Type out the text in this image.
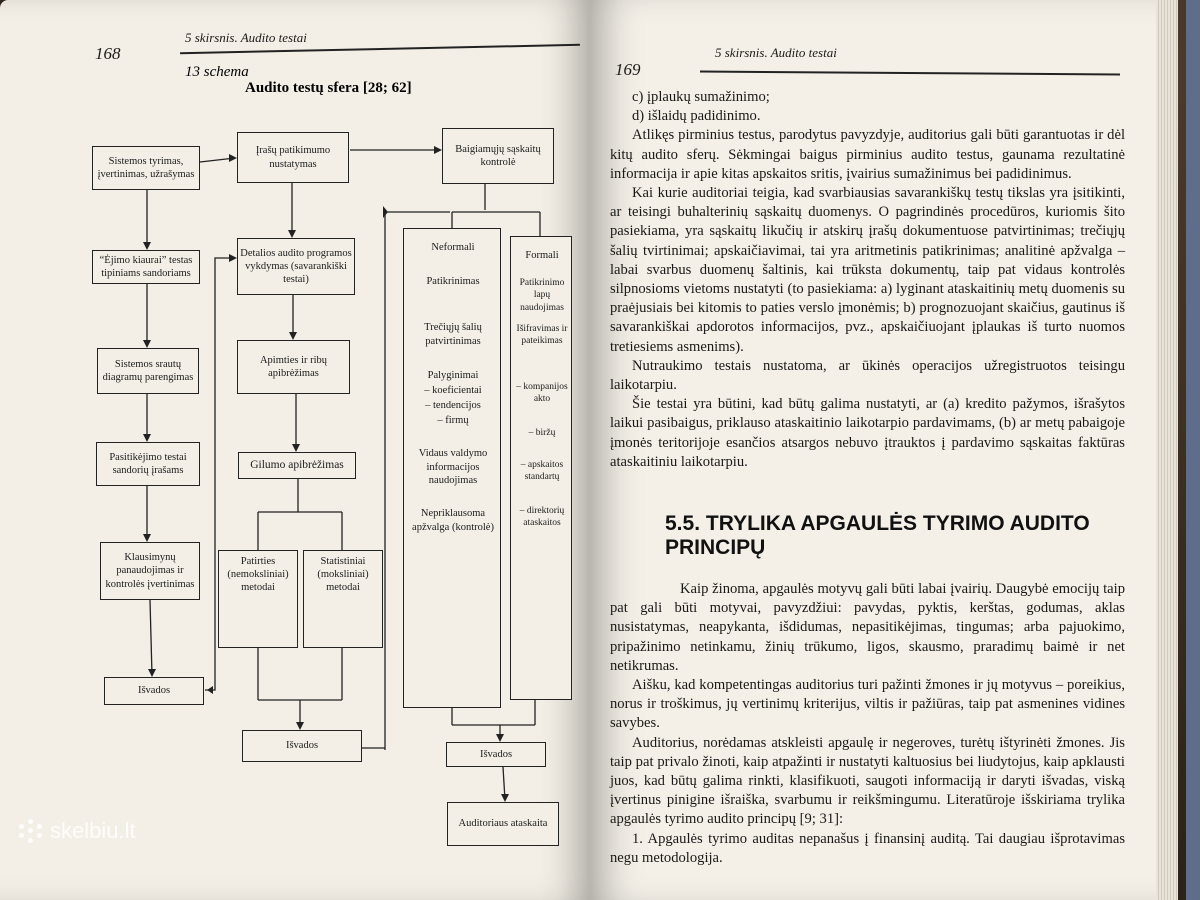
168
5 skirsnis. Audito testai
13 schema
Audito testų sfera [28; 62]
Sistemos tyrimas, įvertinimas, užrašymas
“Ėjimo kiaurai” testas tipiniams sandoriams
Sistemos srautų diagramų parengimas
Pasitikėjimo testai sandorių įrašams
Klausimynų panaudojimas ir kontrolės įvertinimas
Išvados
Įrašų patikimumo nustatymas
Detalios audito programos vykdymas (savarankiški testai)
Apimties ir ribų apibrėžimas
Gilumo apibrėžimas
Patirties (nemoksliniai) metodai
Statistiniai (moksliniai) metodai
Išvados
Baigiamųjų sąskaitų kontrolė
Neformali
Patikrinimas
Trečiųjų šalių patvirtinimas
Palyginimai
– koeficientai
– tendencijos
– firmų
Vidaus valdymo informacijos naudojimas
Nepriklausoma apžvalga (kontrolė)
Formali
Patikrinimo lapų naudojimas
Išifravimas ir pateikimas
– kompanijos akto
– biržų
– apskaitos standartų
– direktorių ataskaitos
Išvados
Auditoriaus ataskaita
169
5 skirsnis. Audito testai

c) įplaukų sumažinimo;

d) išlaidų padidinimo.

Atlikęs pirminius testus, parodytus pavyzdyje, auditorius gali būti garantuotas ir dėl kitų audito sferų. Sėkmingai baigus pirminius audito testus, gaunama rezultatinė informacija ir apie kitas apskaitos sritis, įvairius sumažinimus bei padidinimus.

Kai kurie auditoriai teigia, kad svarbiausias savarankiškų testų tikslas yra įsitikinti, ar teisingi buhalterinių sąskaitų duomenys. O pagrindinės procedūros, kuriomis šito pasiekiama, yra sąskaitų likučių ir atskirų įrašų dokumentuose patvirtinimas; trečiųjų šalių tvirtinimai; apskaičiavimai, tai yra aritmetinis patikrinimas; analitinė apžvalga – labai svarbus duomenų šaltinis, kai trūksta dokumentų, taip pat vidaus kontrolės silpnosioms vietoms nustatyti (to pasiekiama: a) lyginant ataskaitinių metų duomenis su praėjusiais bei kitomis to paties verslo įmonėmis; b) prognozuojant skaičius, gautinus iš savarankiškai apdorotos informacijos, pvz., apskaičiuojant įplaukas iš turto nuomos tretiesiems asmenims).

Nutraukimo testais nustatoma, ar ūkinės operacijos užregistruotos teisingu laikotarpiu.

Šie testai yra būtini, kad būtų galima nustatyti, ar (a) kredito pažymos, išrašytos laikui pasibaigus, priklauso ataskaitinio laikotarpio pardavimams, (b) ar metų pabaigoje įmonės teritorijoje esančios atsargos nebuvo įtrauktos į pardavimo sąskaitas faktūras ataskaitiniu laikotarpiu.

5.5. TRYLIKA APGAULĖS TYRIMO AUDITO PRINCIPŲ

Kaip žinoma, apgaulės motyvų gali būti labai įvairių. Daugybė emocijų taip pat gali būti motyvai, pavyzdžiui: pavydas, pyktis, kerštas, godumas, aklas nusistatymas, neapykanta, išdidumas, nepasitikėjimas, tingumas; arba pajuokimo, pripažinimo netinkamu, žinių trūkumo, ligos, skausmo, praradimų baimė ir net netikrumas.

Aišku, kad kompetentingas auditorius turi pažinti žmones ir jų motyvus – poreikius, norus ir troškimus, jų vertinimų kriterijus, viltis ir pažiūras, taip pat asmenines vidines savybes.

Auditorius, norėdamas atskleisti apgaulę ir negeroves, turėtų ištyrinėti žmones. Jis taip pat privalo žinoti, kaip atpažinti ir nustatyti kaltuosius bei liudytojus, kaip apklausti juos, kad būtų galima rinkti, klasifikuoti, saugoti informaciją ir daryti išvadas, viską įvertinus pinigine išraiška, svarbumu ir reikšmingumu. Literatūroje išskiriama trylika apgaulės tyrimo audito principų [9; 31]:

1. Apgaulės tyrimo auditas nepanašus į finansinį auditą. Tai daugiau išprotavimas negu metodologija.

skelbiu.lt
